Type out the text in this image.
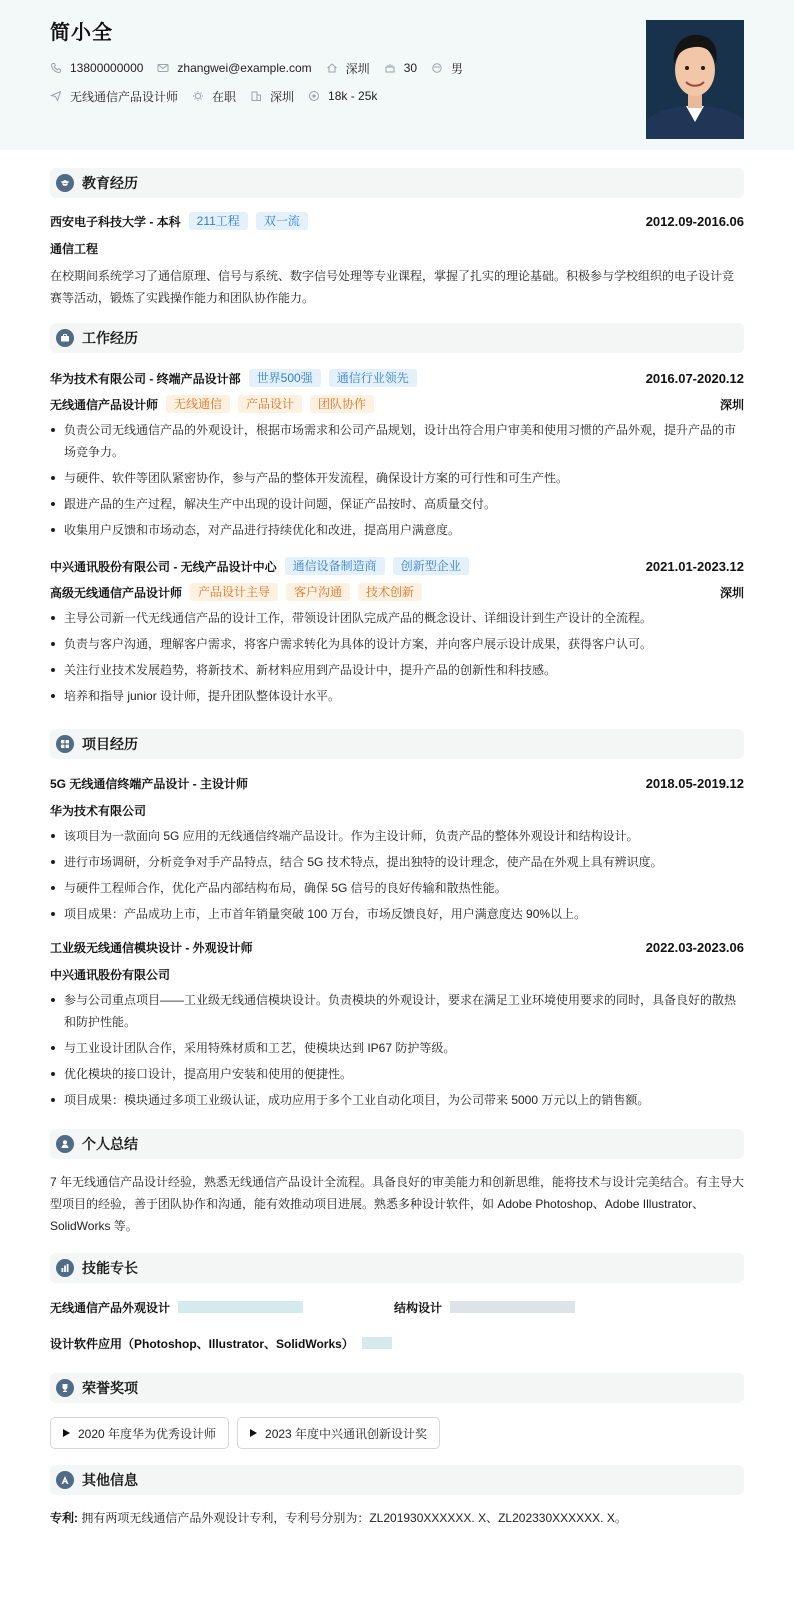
简小全
13800000000	zhangwei@example.com	深圳	30	男
无线通信产品设计师	在职	深圳	18k - 25k
教育经历
西安电子科技大学 - 本科	211工程	双一流	2012.09-2016.06
通信工程
在校期间系统学习了通信原理、信号与系统、数字信号处理等专业课程，掌握了扎实的理论基础。积极参与学校组织的电子设计竞赛等活动，锻炼了实践操作能力和团队协作能力。
工作经历
华为技术有限公司 - 终端产品设计部	世界500强	通信行业领先	2016.07-2020.12
无线通信产品设计师	无线通信	产品设计	团队协作	深圳
负责公司无线通信产品的外观设计，根据市场需求和公司产品规划，设计出符合用户审美和使用习惯的产品外观，提升产品的市场竞争力。
与硬件、软件等团队紧密协作，参与产品的整体开发流程，确保设计方案的可行性和可生产性。
跟进产品的生产过程，解决生产中出现的设计问题，保证产品按时、高质量交付。
收集用户反馈和市场动态，对产品进行持续优化和改进，提高用户满意度。
中兴通讯股份有限公司 - 无线产品设计中心	通信设备制造商	创新型企业	2021.01-2023.12
高级无线通信产品设计师	产品设计主导	客户沟通	技术创新	深圳
主导公司新一代无线通信产品的设计工作，带领设计团队完成产品的概念设计、详细设计到生产设计的全流程。
负责与客户沟通，理解客户需求，将客户需求转化为具体的设计方案，并向客户展示设计成果，获得客户认可。
关注行业技术发展趋势，将新技术、新材料应用到产品设计中，提升产品的创新性和科技感。
培养和指导 junior 设计师，提升团队整体设计水平。
项目经历
5G 无线通信终端产品设计 - 主设计师	2018.05-2019.12
华为技术有限公司
该项目为一款面向 5G 应用的无线通信终端产品设计。作为主设计师，负责产品的整体外观设计和结构设计。
进行市场调研，分析竞争对手产品特点，结合 5G 技术特点，提出独特的设计理念，使产品在外观上具有辨识度。
与硬件工程师合作，优化产品内部结构布局，确保 5G 信号的良好传输和散热性能。
项目成果：产品成功上市，上市首年销量突破 100 万台，市场反馈良好，用户满意度达 90%以上。
工业级无线通信模块设计 - 外观设计师	2022.03-2023.06
中兴通讯股份有限公司
参与公司重点项目——工业级无线通信模块设计。负责模块的外观设计，要求在满足工业环境使用要求的同时，具备良好的散热和防护性能。
与工业设计团队合作，采用特殊材质和工艺，使模块达到 IP67 防护等级。
优化模块的接口设计，提高用户安装和使用的便捷性。
项目成果：模块通过多项工业级认证，成功应用于多个工业自动化项目，为公司带来 5000 万元以上的销售额。
个人总结
7 年无线通信产品设计经验，熟悉无线通信产品设计全流程。具备良好的审美能力和创新思维，能将技术与设计完美结合。有主导大型项目的经验，善于团队协作和沟通，能有效推动项目进展。熟悉多种设计软件，如 Adobe Photoshop、Adobe Illustrator、SolidWorks 等。
技能专长
无线通信产品外观设计	结构设计
设计软件应用（Photoshop、Illustrator、SolidWorks）
荣誉奖项
2020 年度华为优秀设计师	2023 年度中兴通讯创新设计奖
其他信息
专利: 拥有两项无线通信产品外观设计专利，专利号分别为：ZL201930XXXXXX. X、ZL202330XXXXXX. X。
